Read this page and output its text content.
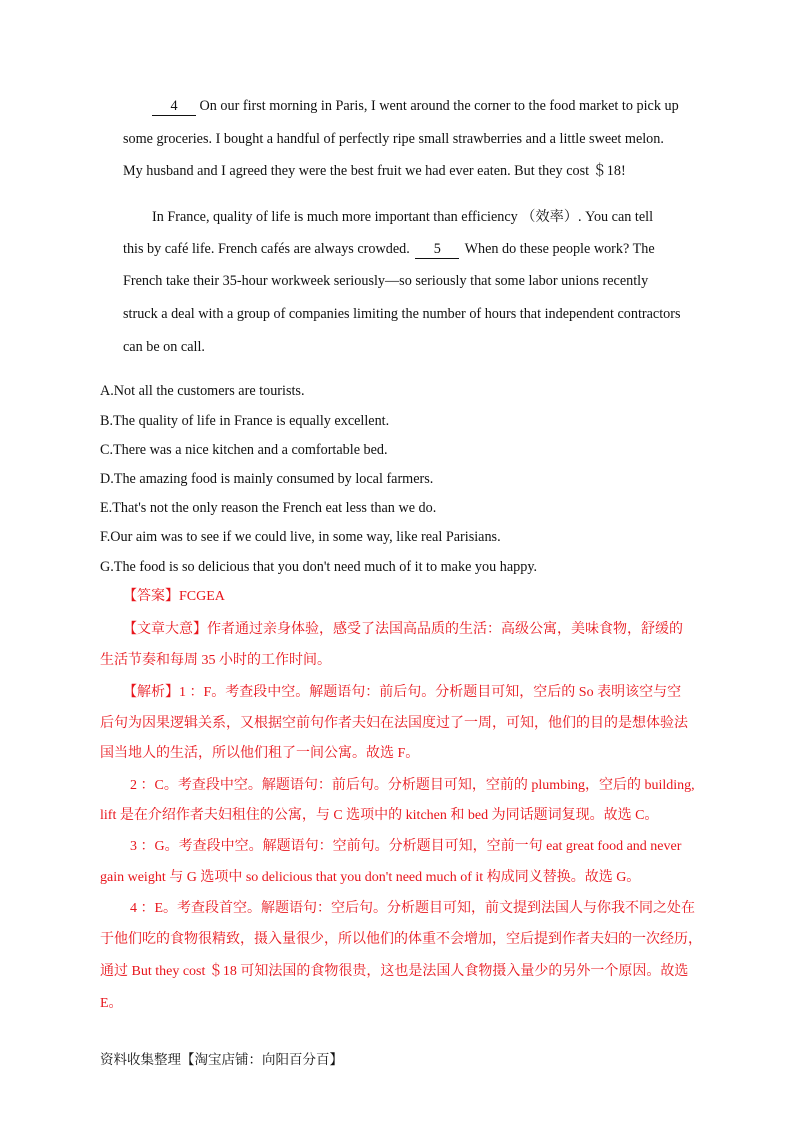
4 On our first morning in Paris, I went around the corner to the food market to pick up
some groceries. I bought a handful of perfectly ripe small strawberries and a little sweet melon.
My husband and I agreed they were the best fruit we had ever eaten. But they cost ＄18!
In France, quality of life is much more important than efficiency （效率）. You can tell
this by café life. French cafés are always crowded. 5 When do these people work? The
French take their 35-hour workweek seriously—so seriously that some labor unions recently
struck a deal with a group of companies limiting the number of hours that independent contractors
can be on call.
A.Not all the customers are tourists.
B.The quality of life in France is equally excellent.
C.There was a nice kitchen and a comfortable bed.
D.The amazing food is mainly consumed by local farmers.
E.That's not the only reason the French eat less than we do.
F.Our aim was to see if we could live, in some way, like real Parisians.
G.The food is so delicious that you don't need much of it to make you happy.
【答案】FCGEA
【文章大意】作者通过亲身体验，感受了法国高品质的生活：高级公寓，美味食物，舒缓的
生活节奏和每周 35 小时的工作时间。
【解析】1 ：F。考查段中空。解题语句：前后句。分析题目可知，空后的 So 表明该空与空
后句为因果逻辑关系，又根据空前句作者夫妇在法国度过了一周，可知，他们的目的是想体验法
国当地人的生活，所以他们租了一间公寓。故选 F。
2 ：C。考查段中空。解题语句：前后句。分析题目可知，空前的 plumbing，空后的 building,
lift 是在介绍作者夫妇租住的公寓，与 C 选项中的 kitchen 和 bed 为同话题词复现。故选 C。
3 ：G。考查段中空。解题语句：空前句。分析题目可知，空前一句 eat great food and never
gain weight 与 G 选项中 so delicious that you don't need much of it 构成同义替换。故选 G。
4 ：E。考查段首空。解题语句：空后句。分析题目可知，前文提到法国人与你我不同之处在
于他们吃的食物很精致，摄入量很少，所以他们的体重不会增加，空后提到作者夫妇的一次经历，
通过 But they cost ＄18 可知法国的食物很贵，这也是法国人食物摄入量少的另外一个原因。故选
E。
资料收集整理【淘宝店铺：向阳百分百】
